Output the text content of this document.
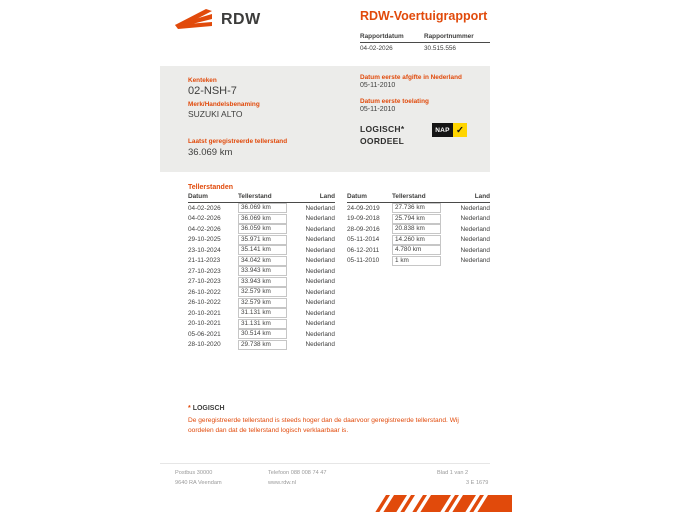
RDW	RDW-Voertuigrapport
Rapportdatum	Rapportnummer
04-02-2026	30.515.556
Kenteken
02-NSH-7
Merk/Handelsbenaming
SUZUKI ALTO
Laatst geregistreerde tellerstand
36.069 km
Datum eerste afgifte in Nederland
05-11-2010
Datum eerste toelating
05-11-2010
LOGISCH*
OORDEEL
NAP ✓
Tellerstanden
Datum	Tellerstand	Land
04-02-2026	36.069 km	Nederland
04-02-2026	36.069 km	Nederland
04-02-2026	36.059 km	Nederland
29-10-2025	35.971 km	Nederland
23-10-2024	35.141 km	Nederland
21-11-2023	34.042 km	Nederland
27-10-2023	33.943 km	Nederland
27-10-2023	33.943 km	Nederland
26-10-2022	32.579 km	Nederland
26-10-2022	32.579 km	Nederland
20-10-2021	31.131 km	Nederland
20-10-2021	31.131 km	Nederland
05-06-2021	30.514 km	Nederland
28-10-2020	29.738 km	Nederland
Datum	Tellerstand	Land
24-09-2019	27.736 km	Nederland
19-09-2018	25.794 km	Nederland
28-09-2016	20.838 km	Nederland
05-11-2014	14.260 km	Nederland
06-12-2011	4.780 km	Nederland
05-11-2010	1 km	Nederland
* LOGISCH
De geregistreerde tellerstand is steeds hoger dan de daarvoor geregistreerde tellerstand. Wij oordelen dan dat de tellerstand logisch verklaarbaar is.
Postbus 30000
9640 RA Veendam
Telefoon 088 008 74 47
www.rdw.nl
Blad 1 van 2
3 E 1679
